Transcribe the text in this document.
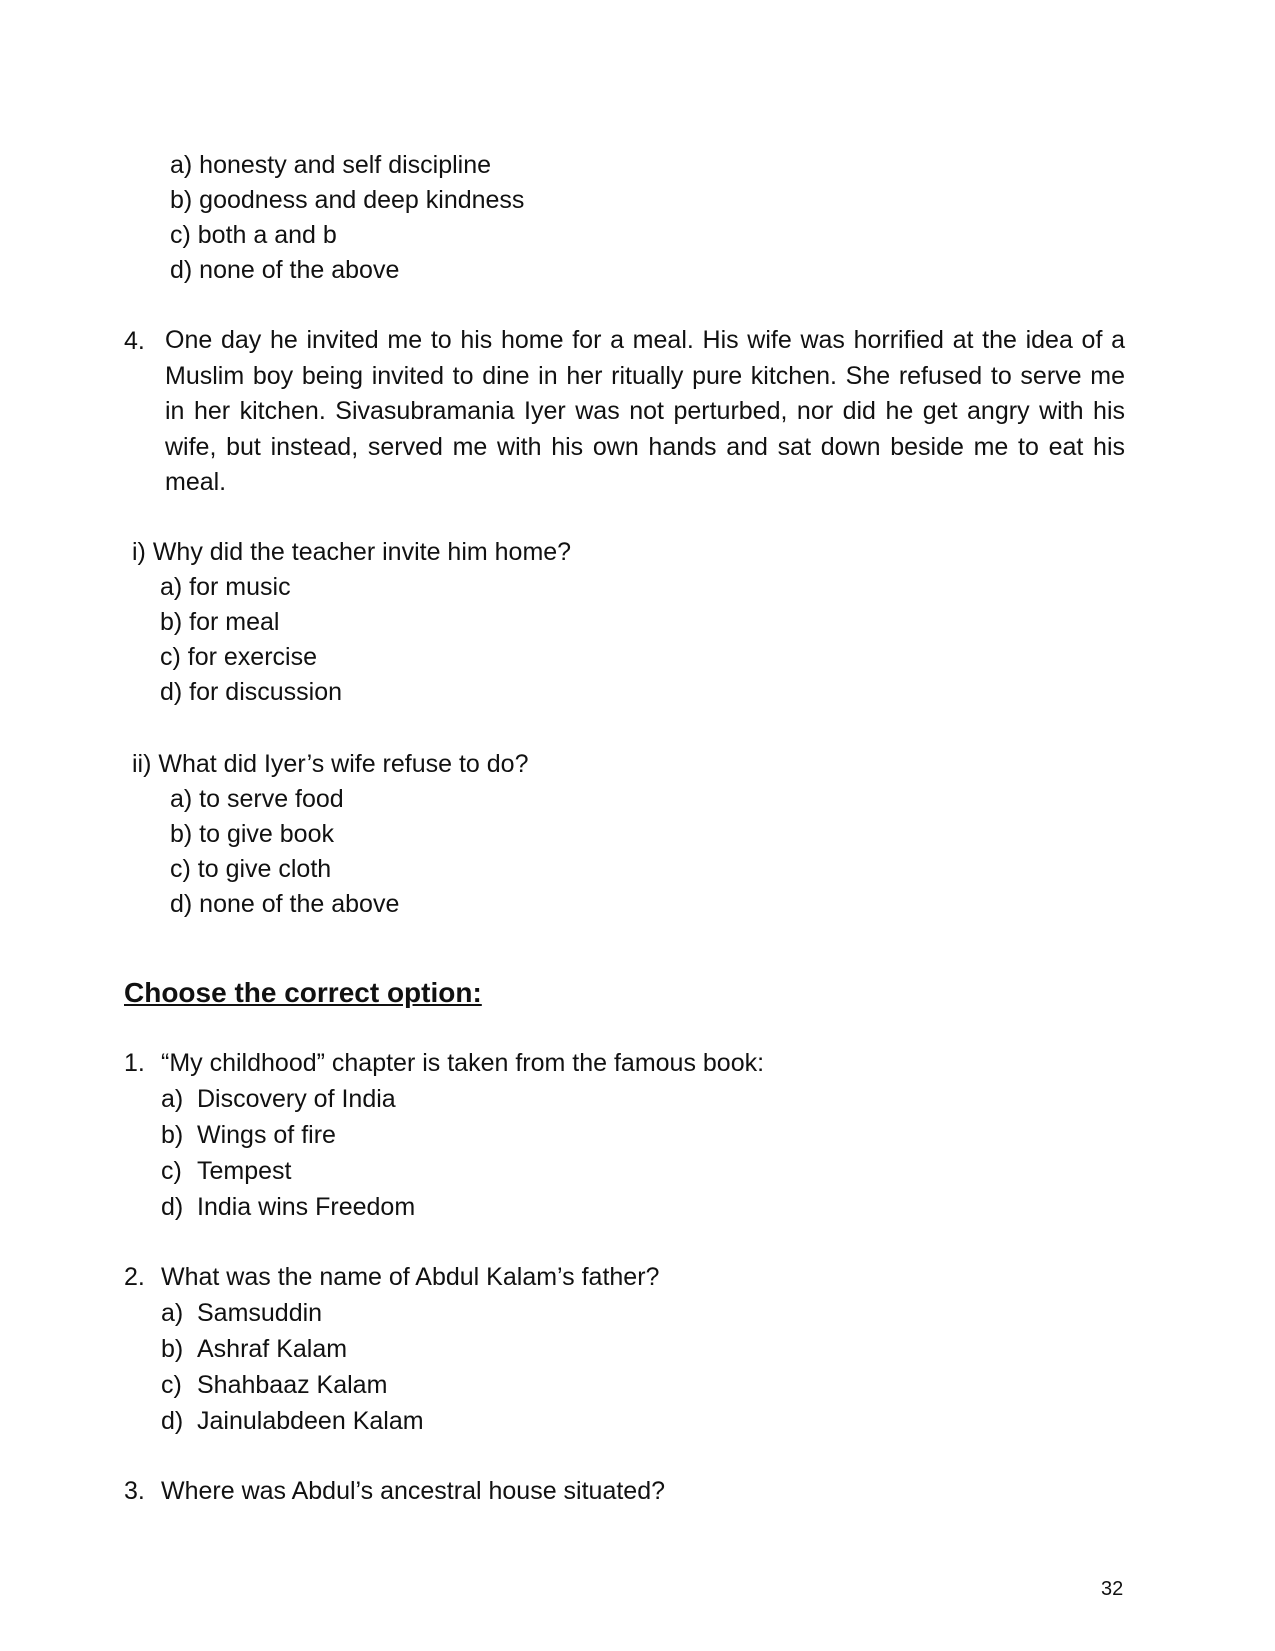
a) honesty and self discipline
b) goodness and deep kindness
c) both a and b
d) none of the above
4. One day he invited me to his home for a meal. His wife was horrified at the idea of a Muslim boy being invited to dine in her ritually pure kitchen. She refused to serve me in her kitchen. Sivasubramania Iyer was not perturbed, nor did he get angry with his wife, but instead, served me with his own hands and sat down beside me to eat his meal.
i) Why did the teacher invite him home?
a) for music
b) for meal
c) for exercise
d) for discussion
ii) What did Iyer’s wife refuse to do?
a) to serve food
b) to give book
c) to give cloth
d) none of the above
Choose the correct option:
1. “My childhood” chapter is taken from the famous book:
a) Discovery of India
b) Wings of fire
c) Tempest
d) India wins Freedom
2. What was the name of Abdul Kalam’s father?
a) Samsuddin
b) Ashraf Kalam
c) Shahbaaz Kalam
d) Jainulabdeen Kalam
3. Where was Abdul’s ancestral house situated?
32
